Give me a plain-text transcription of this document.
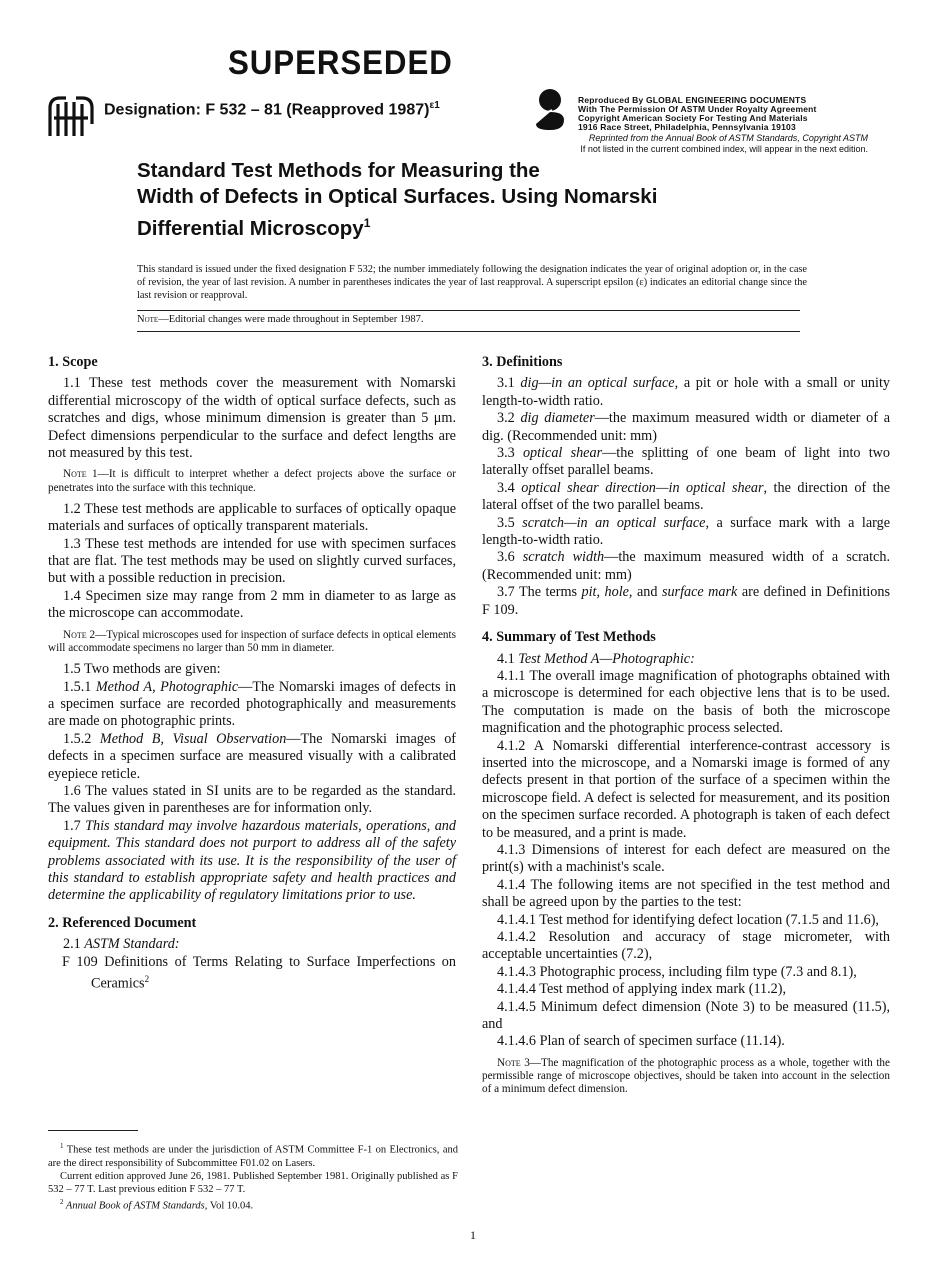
SUPERSEDED
Designation: F 532 – 81 (Reapproved 1987)$^{\varepsilon 1}$	Reproduced By GLOBAL ENGINEERING DOCUMENTS
With The Permission Of ASTM Under Royalty Agreement
Copyright American Society For Testing And Materials
1916 Race Street, Philadelphia, Pennsylvania 19103
Reprinted from the Annual Book of ASTM Standards, Copyright ASTM
If not listed in the current combined index, will appear in the next edition.
Standard Test Methods for Measuring the
Width of Defects in Optical Surfaces. Using Nomarski
Differential Microscopy$^1$
This standard is issued under the fixed designation F 532; the number immediately following the designation indicates the year of original adoption or, in the case of revision, the year of last revision. A number in parentheses indicates the year of last reapproval. A superscript epsilon (ε) indicates an editorial change since the last revision or reapproval.
Note—Editorial changes were made throughout in September 1987.
1. Scope

1.1 These test methods cover the measurement with Nomarski differential microscopy of the width of optical surface defects, such as scratches and digs, whose minimum dimension is greater than 5 μm. Defect dimensions perpendicular to the surface and defect lengths are not measured by this test.

Note 1—It is difficult to interpret whether a defect projects above the surface or penetrates into the surface with this technique.

1.2 These test methods are applicable to surfaces of optically opaque materials and surfaces of optically transparent materials.

1.3 These test methods are intended for use with specimen surfaces that are flat. The test methods may be used on slightly curved surfaces, but with a possible reduction in precision.

1.4 Specimen size may range from 2 mm in diameter to as large as the microscope can accommodate.

Note 2—Typical microscopes used for inspection of surface defects in optical elements will accommodate specimens no larger than 50 mm in diameter.

1.5 Two methods are given:

1.5.1 Method A, Photographic—The Nomarski images of defects in a specimen surface are recorded photographically and measurements are made on photographic prints.

1.5.2 Method B, Visual Observation—The Nomarski images of defects in a specimen surface are measured visually with a calibrated eyepiece reticle.

1.6 The values stated in SI units are to be regarded as the standard. The values given in parentheses are for information only.

1.7 This standard may involve hazardous materials, operations, and equipment. This standard does not purport to address all of the safety problems associated with its use. It is the responsibility of the user of this standard to establish appropriate safety and health practices and determine the applicability of regulatory limitations prior to use.

2. Referenced Document

2.1 ASTM Standard:

F 109 Definitions of Terms Relating to Surface Imperfections on Ceramics$^2$

3. Definitions

3.1 dig—in an optical surface, a pit or hole with a small or unity length-to-width ratio.

3.2 dig diameter—the maximum measured width or diameter of a dig. (Recommended unit: mm)

3.3 optical shear—the splitting of one beam of light into two laterally offset parallel beams.

3.4 optical shear direction—in optical shear, the direction of the lateral offset of the two parallel beams.

3.5 scratch—in an optical surface, a surface mark with a large length-to-width ratio.

3.6 scratch width—the maximum measured width of a scratch. (Recommended unit: mm)

3.7 The terms pit, hole, and surface mark are defined in Definitions F 109.

4. Summary of Test Methods

4.1 Test Method A—Photographic:

4.1.1 The overall image magnification of photographs obtained with a microscope is determined for each objective lens that is to be used. The computation is made on the basis of both the microscope magnification and the photographic process selected.

4.1.2 A Nomarski differential interference-contrast accessory is inserted into the microscope, and a Nomarski image is formed of any defects present in that portion of the surface of a specimen within the microscope field. A defect is selected for measurement, and its position on the specimen surface recorded. A photograph is taken of each defect to be measured, and a print is made.

4.1.3 Dimensions of interest for each defect are measured on the print(s) with a machinist's scale.

4.1.4 The following items are not specified in the test method and shall be agreed upon by the parties to the test:

4.1.4.1 Test method for identifying defect location (7.1.5 and 11.6),

4.1.4.2 Resolution and accuracy of stage micrometer, with acceptable uncertainties (7.2),

4.1.4.3 Photographic process, including film type (7.3 and 8.1),

4.1.4.4 Test method of applying index mark (11.2),

4.1.4.5 Minimum defect dimension (Note 3) to be measured (11.5), and

4.1.4.6 Plan of search of specimen surface (11.14).

Note 3—The magnification of the photographic process as a whole, together with the permissible range of microscope objectives, should be taken into account in the selection of a minimum defect dimension.

$^1$ These test methods are under the jurisdiction of ASTM Committee F-1 on Electronics, and are the direct responsibility of Subcommittee F01.02 on Lasers.

Current edition approved June 26, 1981. Published September 1981. Originally published as F 532 – 77 T. Last previous edition F 532 – 77 T.

$^2$ Annual Book of ASTM Standards, Vol 10.04.

1
